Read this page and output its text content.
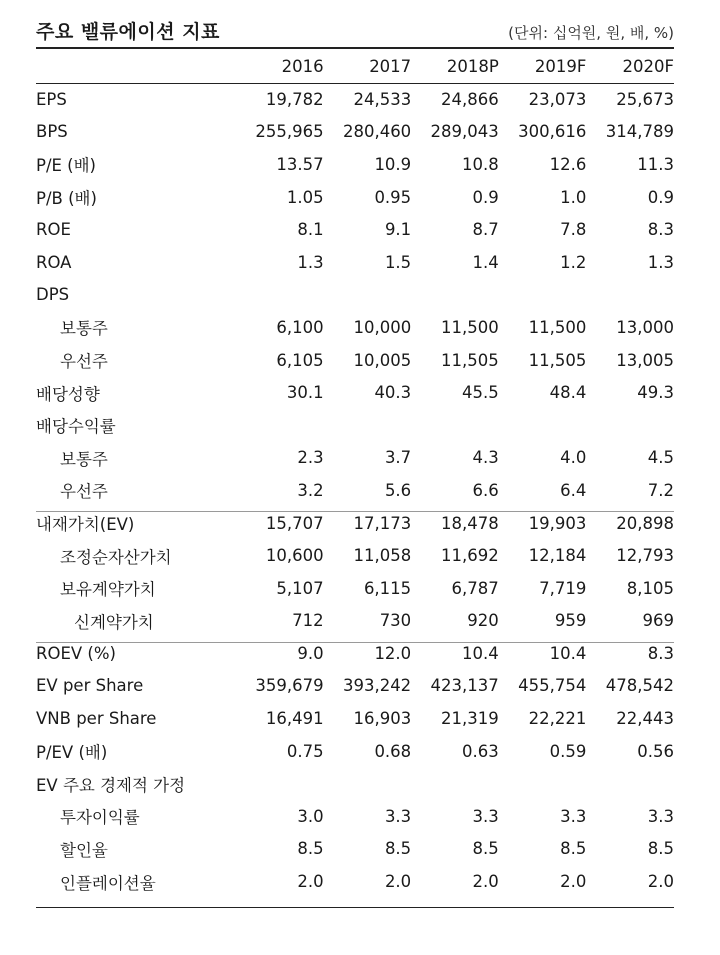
주요 밸류에이션 지표	(단위: 십억원, 원, 배, %)
	2016	2017	2018P	2019F	2020F
EPS	19,782	24,533	24,866	23,073	25,673
BPS	255,965	280,460	289,043	300,616	314,789
P/E (배)	13.57	10.9	10.8	12.6	11.3
P/B (배)	1.05	0.95	0.9	1.0	0.9
ROE	8.1	9.1	8.7	7.8	8.3
ROA	1.3	1.5	1.4	1.2	1.3
DPS					
보통주	6,100	10,000	11,500	11,500	13,000
우선주	6,105	10,005	11,505	11,505	13,005
배당성향	30.1	40.3	45.5	48.4	49.3
배당수익률					
보통주	2.3	3.7	4.3	4.0	4.5
우선주	3.2	5.6	6.6	6.4	7.2
내재가치(EV)	15,707	17,173	18,478	19,903	20,898
조정순자산가치	10,600	11,058	11,692	12,184	12,793
보유계약가치	5,107	6,115	6,787	7,719	8,105
신계약가치	712	730	920	959	969
ROEV (%)	9.0	12.0	10.4	10.4	8.3
EV per Share	359,679	393,242	423,137	455,754	478,542
VNB per Share	16,491	16,903	21,319	22,221	22,443
P/EV (배)	0.75	0.68	0.63	0.59	0.56
EV 주요 경제적 가정					
투자이익률	3.0	3.3	3.3	3.3	3.3
할인율	8.5	8.5	8.5	8.5	8.5
인플레이션율	2.0	2.0	2.0	2.0	2.0
